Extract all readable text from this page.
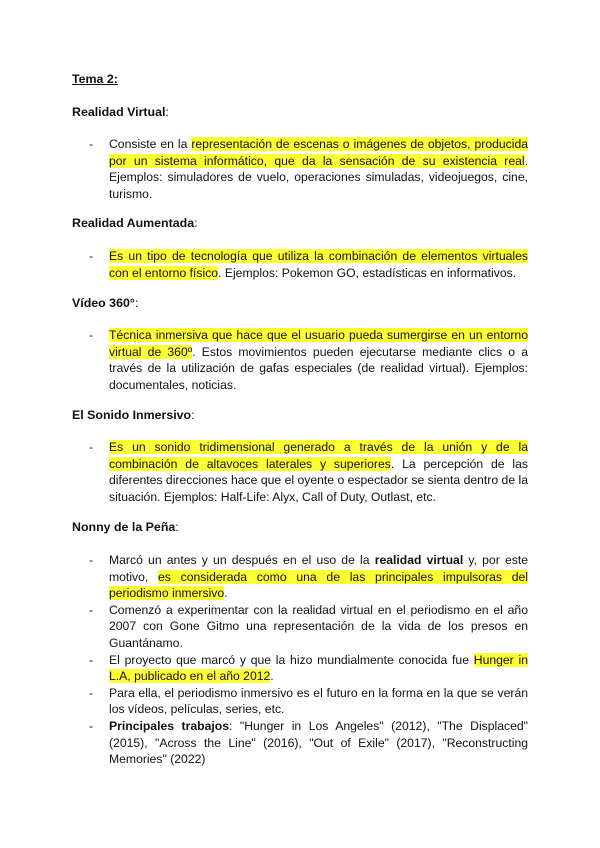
Tema 2:
Realidad Virtual:
- Consiste en la representación de escenas o imágenes de objetos, producida por un sistema informático, que da la sensación de su existencia real. Ejemplos: simuladores de vuelo, operaciones simuladas, videojuegos, cine, turismo.
Realidad Aumentada:
- Es un tipo de tecnología que utiliza la combinación de elementos virtuales con el entorno físico. Ejemplos: Pokemon GO, estadísticas en informativos.
Vídeo 360°:
- Técnica inmersiva que hace que el usuario pueda sumergirse en un entorno virtual de 360º. Estos movimientos pueden ejecutarse mediante clics o a través de la utilización de gafas especiales (de realidad virtual). Ejemplos: documentales, noticias.
El Sonido Inmersivo:
- Es un sonido tridimensional generado a través de la unión y de la combinación de altavoces laterales y superiores. La percepción de las diferentes direcciones hace que el oyente o espectador se sienta dentro de la situación. Ejemplos: Half-Life: Alyx, Call of Duty, Outlast, etc.
Nonny de la Peña:
- Marcó un antes y un después en el uso de la realidad virtual y, por este motivo, es considerada como una de las principales impulsoras del periodismo inmersivo.
- Comenzó a experimentar con la realidad virtual en el periodismo en el año 2007 con Gone Gitmo una representación de la vida de los presos en Guantánamo.
- El proyecto que marcó y que la hizo mundialmente conocida fue Hunger in L.A, publicado en el año 2012.
- Para ella, el periodismo inmersivo es el futuro en la forma en la que se verán los vídeos, películas, series, etc.
- Principales trabajos: "Hunger in Los Angeles" (2012), "The Displaced" (2015), "Across the Line" (2016), "Out of Exile" (2017), "Reconstructing Memories" (2022)
